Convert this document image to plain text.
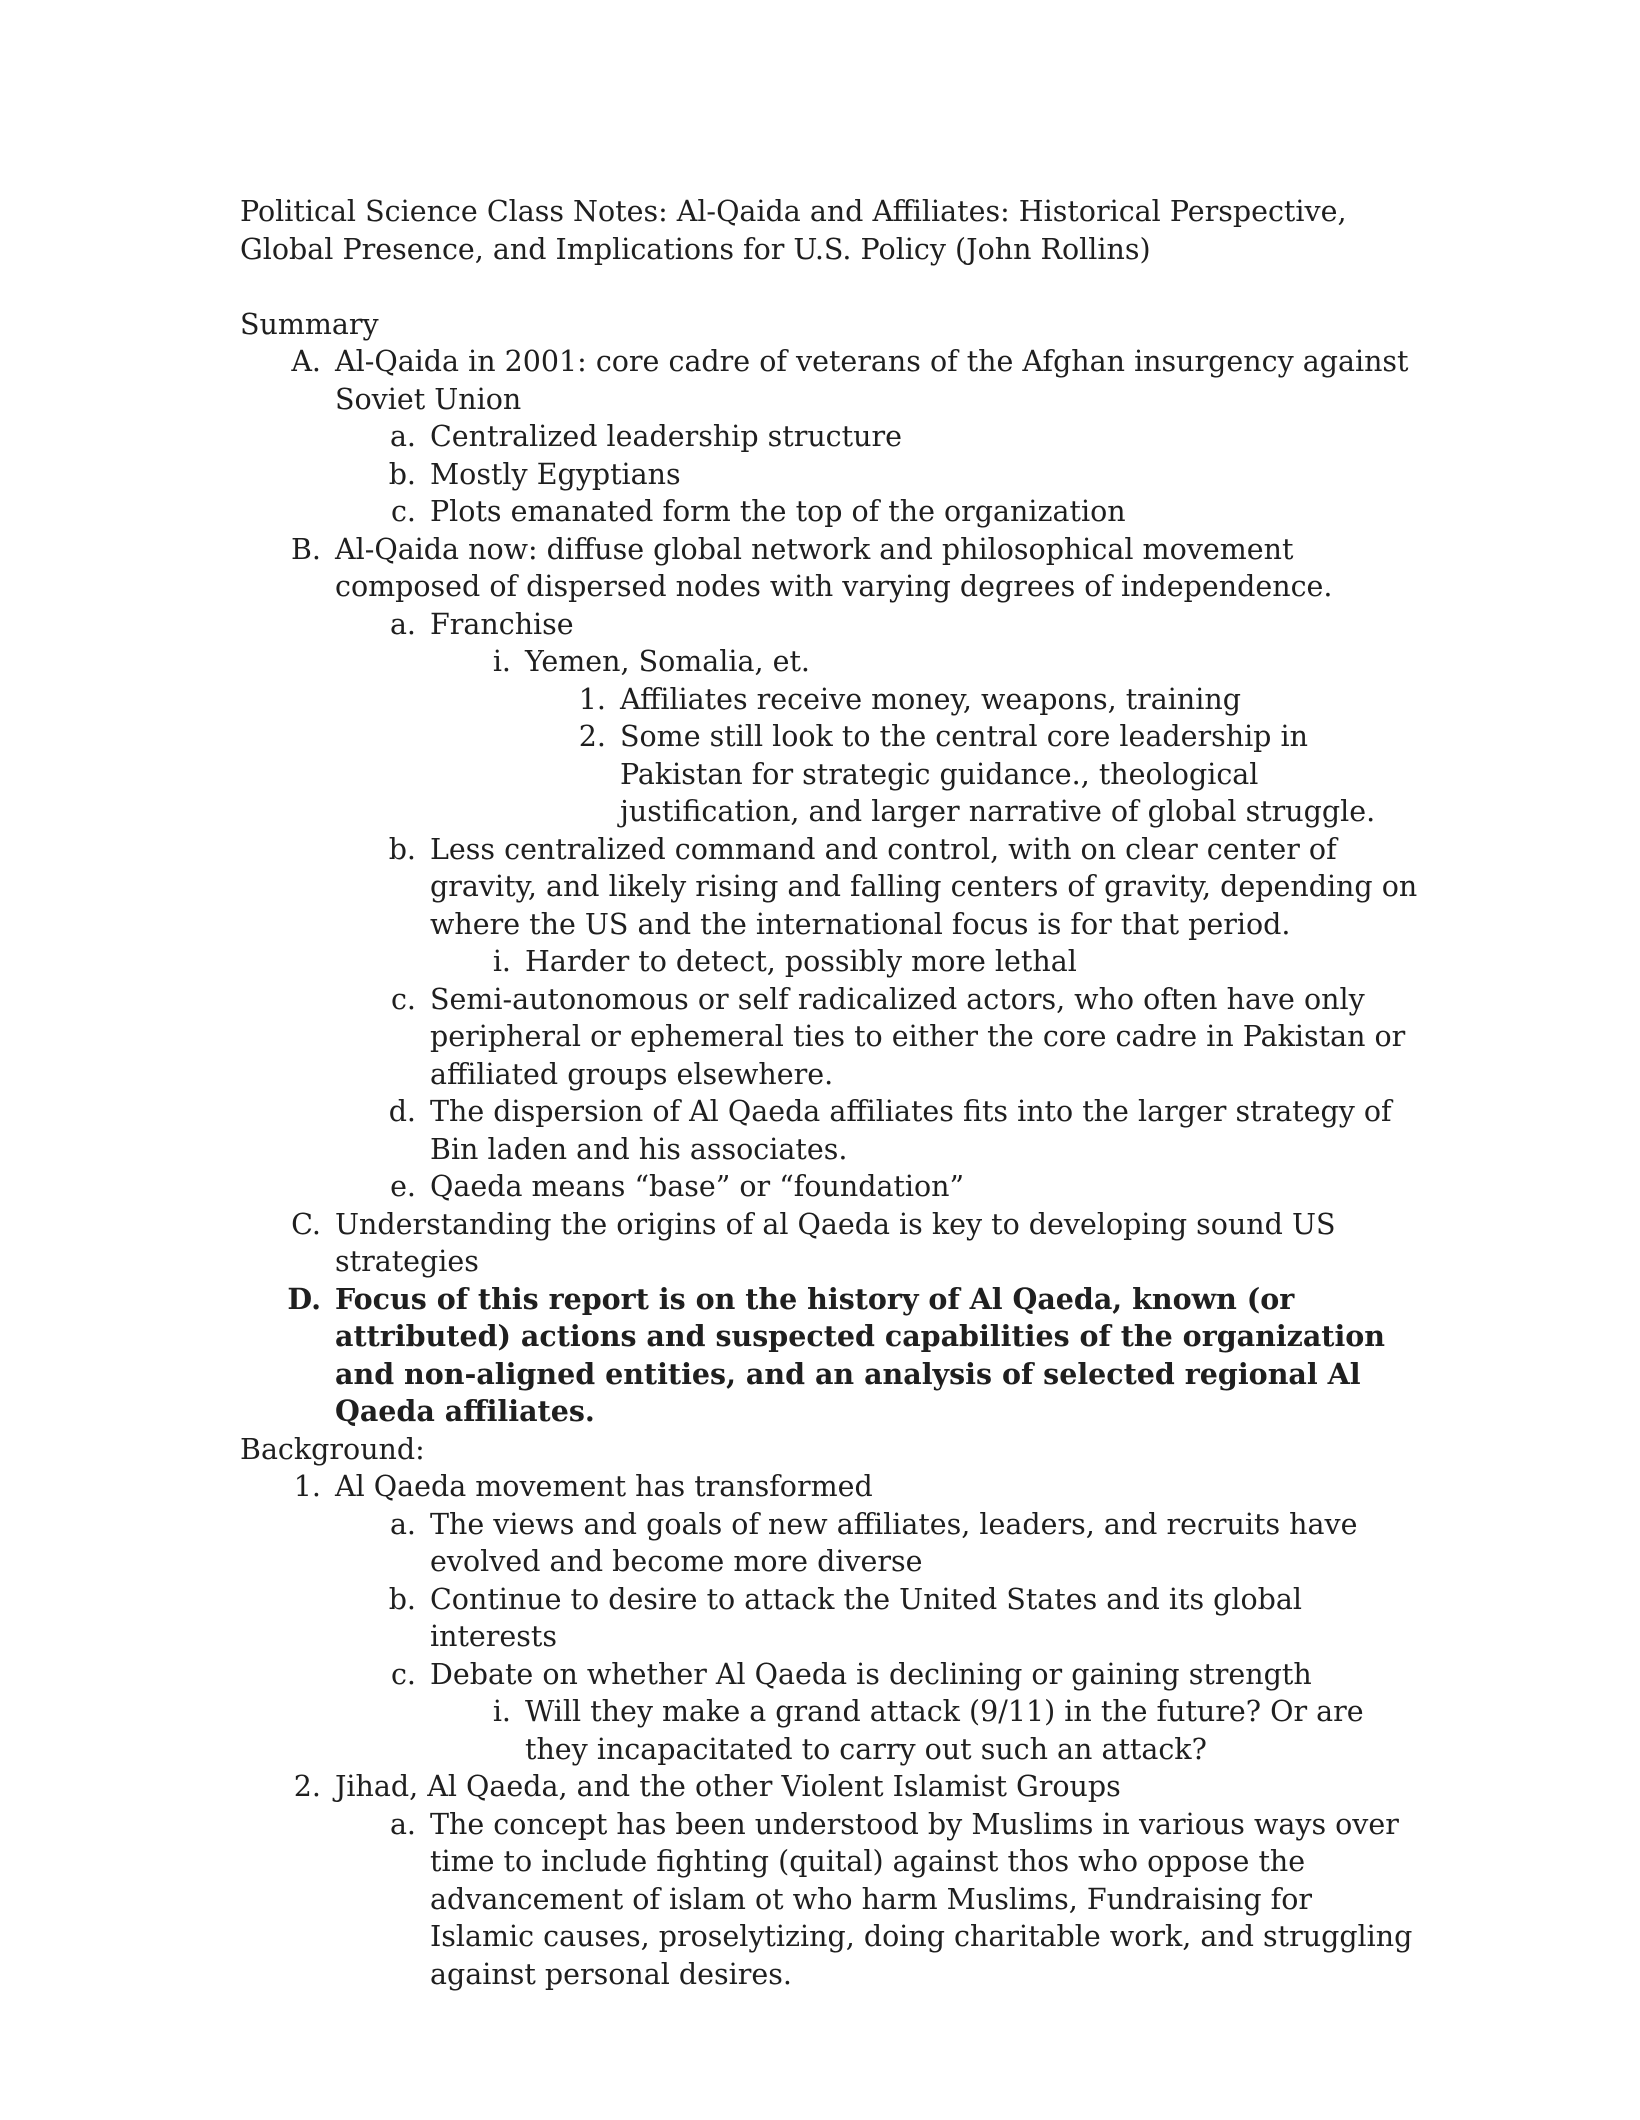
Political Science Class Notes: Al-Qaida and Affiliates: Historical Perspective, Global Presence, and Implications for U.S. Policy (John Rollins)
Summary
A. Al-Qaida in 2001: core cadre of veterans of the Afghan insurgency against Soviet Union
a. Centralized leadership structure
b. Mostly Egyptians
c. Plots emanated form the top of the organization
B. Al-Qaida now: diffuse global network and philosophical movement composed of dispersed nodes with varying degrees of independence.
a. Franchise
i. Yemen, Somalia, et.
1. Affiliates receive money, weapons, training
2. Some still look to the central core leadership in Pakistan for strategic guidance., theological justification, and larger narrative of global struggle.
b. Less centralized command and control, with on clear center of gravity, and likely rising and falling centers of gravity, depending on where the US and the international focus is for that period.
i. Harder to detect, possibly more lethal
c. Semi-autonomous or self radicalized actors, who often have only peripheral or ephemeral ties to either the core cadre in Pakistan or affiliated groups elsewhere.
d. The dispersion of Al Qaeda affiliates fits into the larger strategy of Bin laden and his associates.
e. Qaeda means “base” or “foundation”
C. Understanding the origins of al Qaeda is key to developing sound US strategies
D. Focus of this report is on the history of Al Qaeda, known (or attributed) actions and suspected capabilities of the organization and non-aligned entities, and an analysis of selected regional Al Qaeda affiliates.
Background:
1. Al Qaeda movement has transformed
a. The views and goals of new affiliates, leaders, and recruits have evolved and become more diverse
b. Continue to desire to attack the United States and its global interests
c. Debate on whether Al Qaeda is declining or gaining strength
i. Will they make a grand attack (9/11) in the future? Or are they incapacitated to carry out such an attack?
2. Jihad, Al Qaeda, and the other Violent Islamist Groups
a. The concept has been understood by Muslims in various ways over time to include fighting (quital) against thos who oppose the advancement of islam ot who harm Muslims, Fundraising for Islamic causes, proselytizing, doing charitable work, and struggling against personal desires.
